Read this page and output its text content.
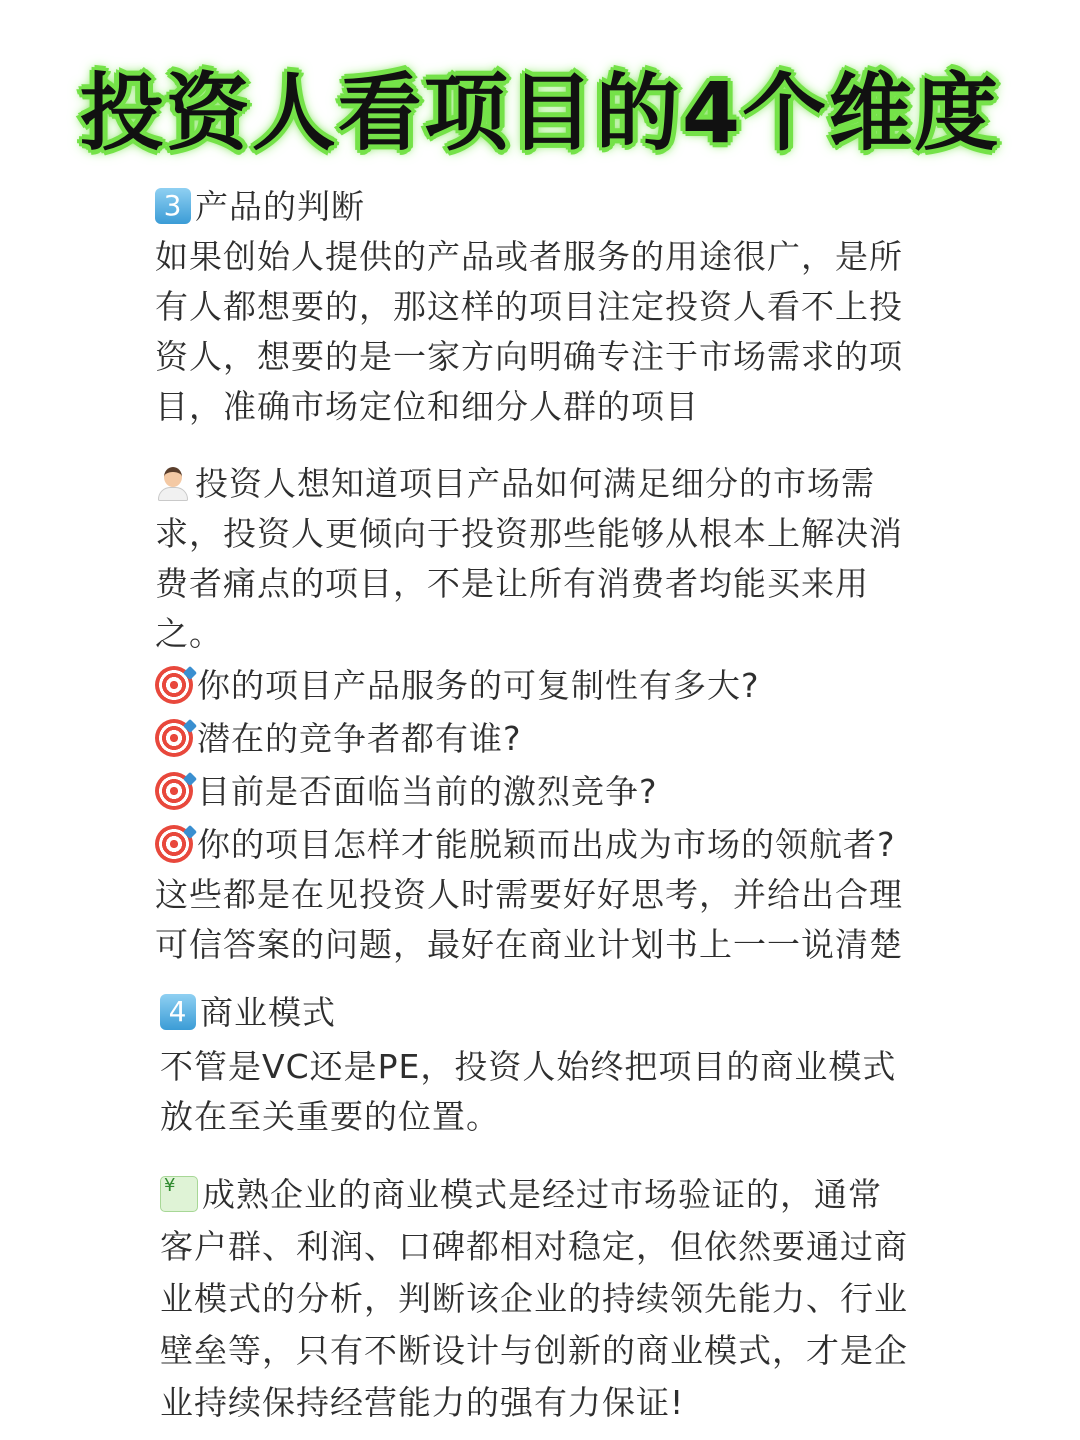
投资人看项目的4个维度
3 产品的判断
如果创始人提供的产品或者服务的用途很广，是所
有人都想要的，那这样的项目注定投资人看不上投
资人，想要的是一家方向明确专注于市场需求的项
目，准确市场定位和细分人群的项目
投资人想知道项目产品如何满足细分的市场需
求，投资人更倾向于投资那些能够从根本上解决消
费者痛点的项目，不是让所有消费者均能买来用
之。
你的项目产品服务的可复制性有多大?
潜在的竞争者都有谁?
目前是否面临当前的激烈竞争?
你的项目怎样才能脱颖而出成为市场的领航者?
这些都是在见投资人时需要好好思考，并给出合理
可信答案的问题，最好在商业计划书上一一说清楚
4 商业模式
不管是VC还是PE，投资人始终把项目的商业模式
放在至关重要的位置。
¥ 成熟企业的商业模式是经过市场验证的，通常
客户群、利润、口碑都相对稳定，但依然要通过商
业模式的分析，判断该企业的持续领先能力、行业
壁垒等，只有不断设计与创新的商业模式，才是企
业持续保持经营能力的强有力保证!
